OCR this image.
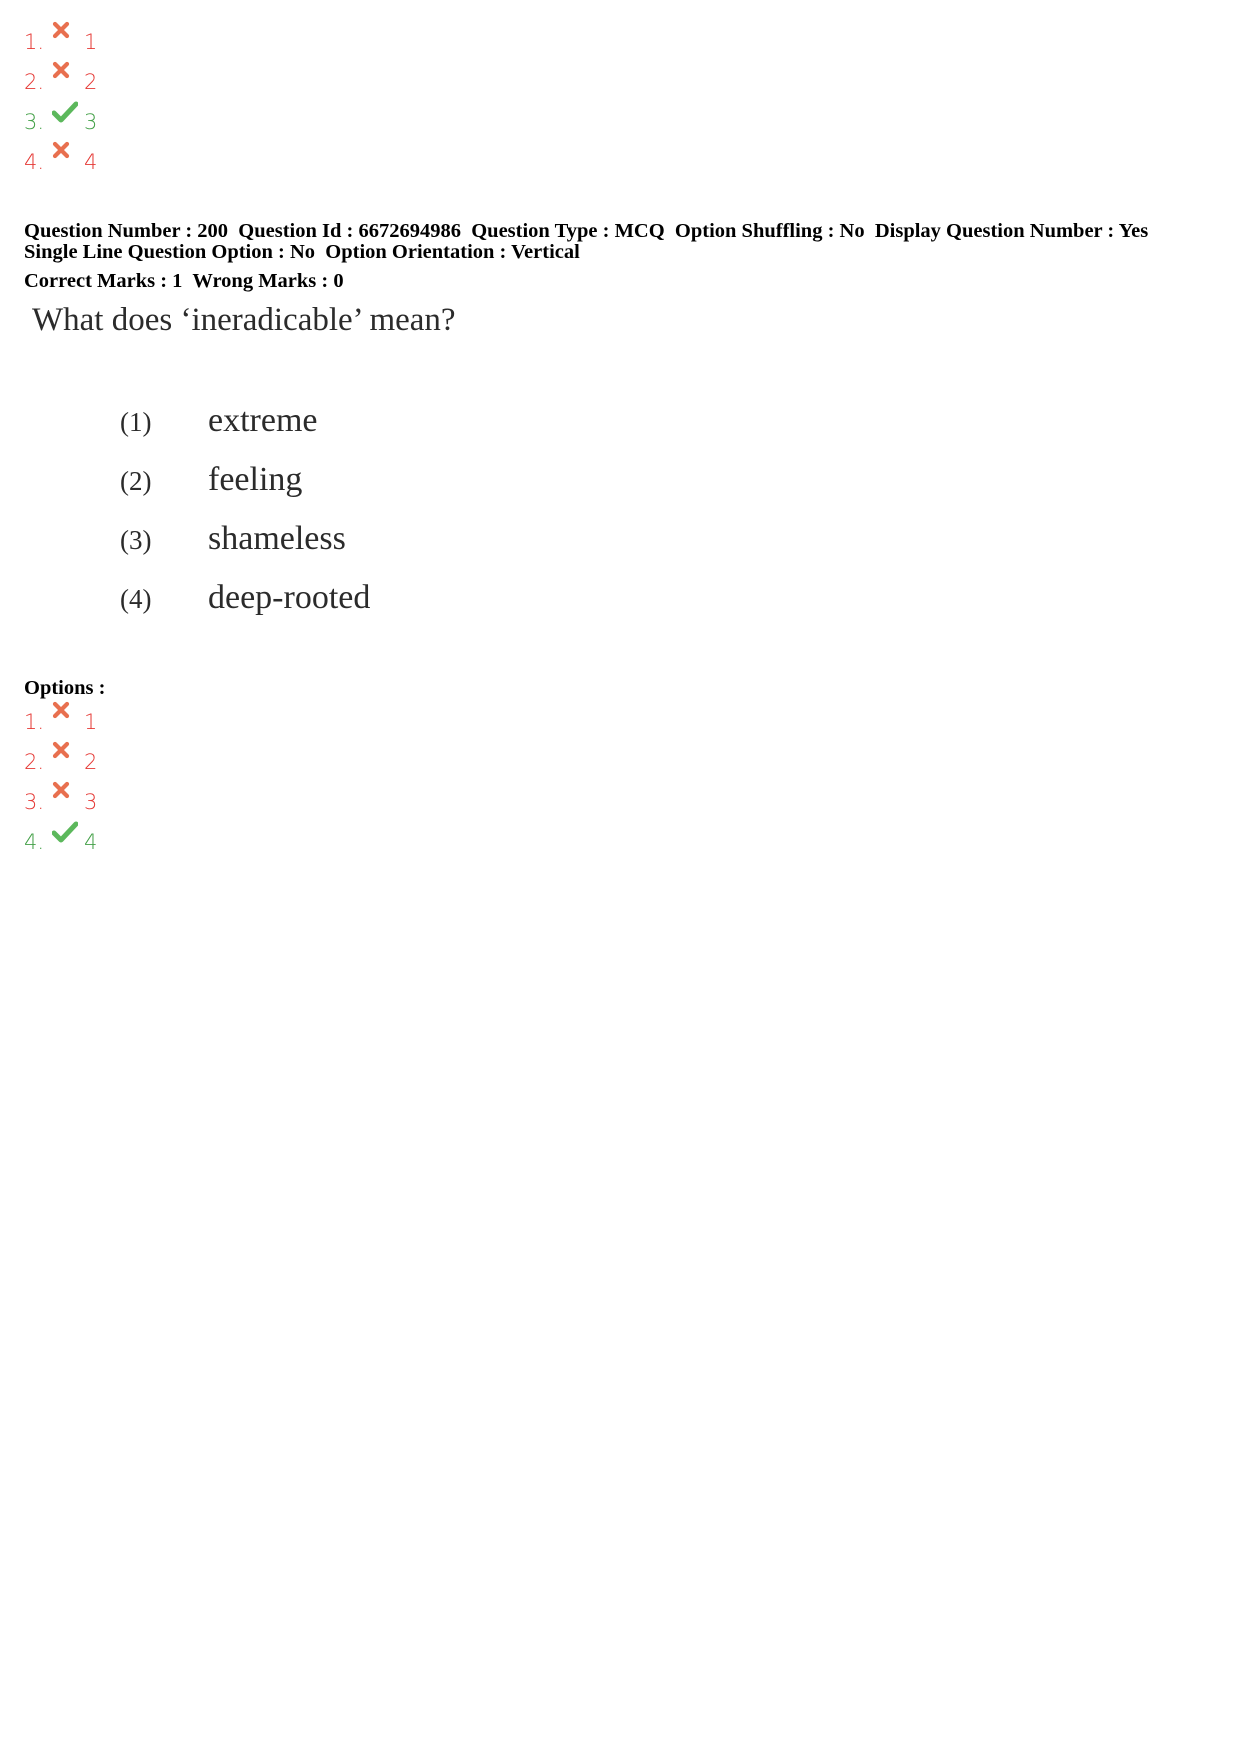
1.	1
2.	2
3.	3
4.	4
Question Number : 200  Question Id : 6672694986  Question Type : MCQ  Option Shuffling : No  Display Question Number : Yes
Single Line Question Option : No  Option Orientation : Vertical
Correct Marks : 1  Wrong Marks : 0
What does ‘ineradicable’ mean?
(1)	extreme
(2)	feeling
(3)	shameless
(4)	deep-rooted
Options :
1.	1
2.	2
3.	3
4.	4
